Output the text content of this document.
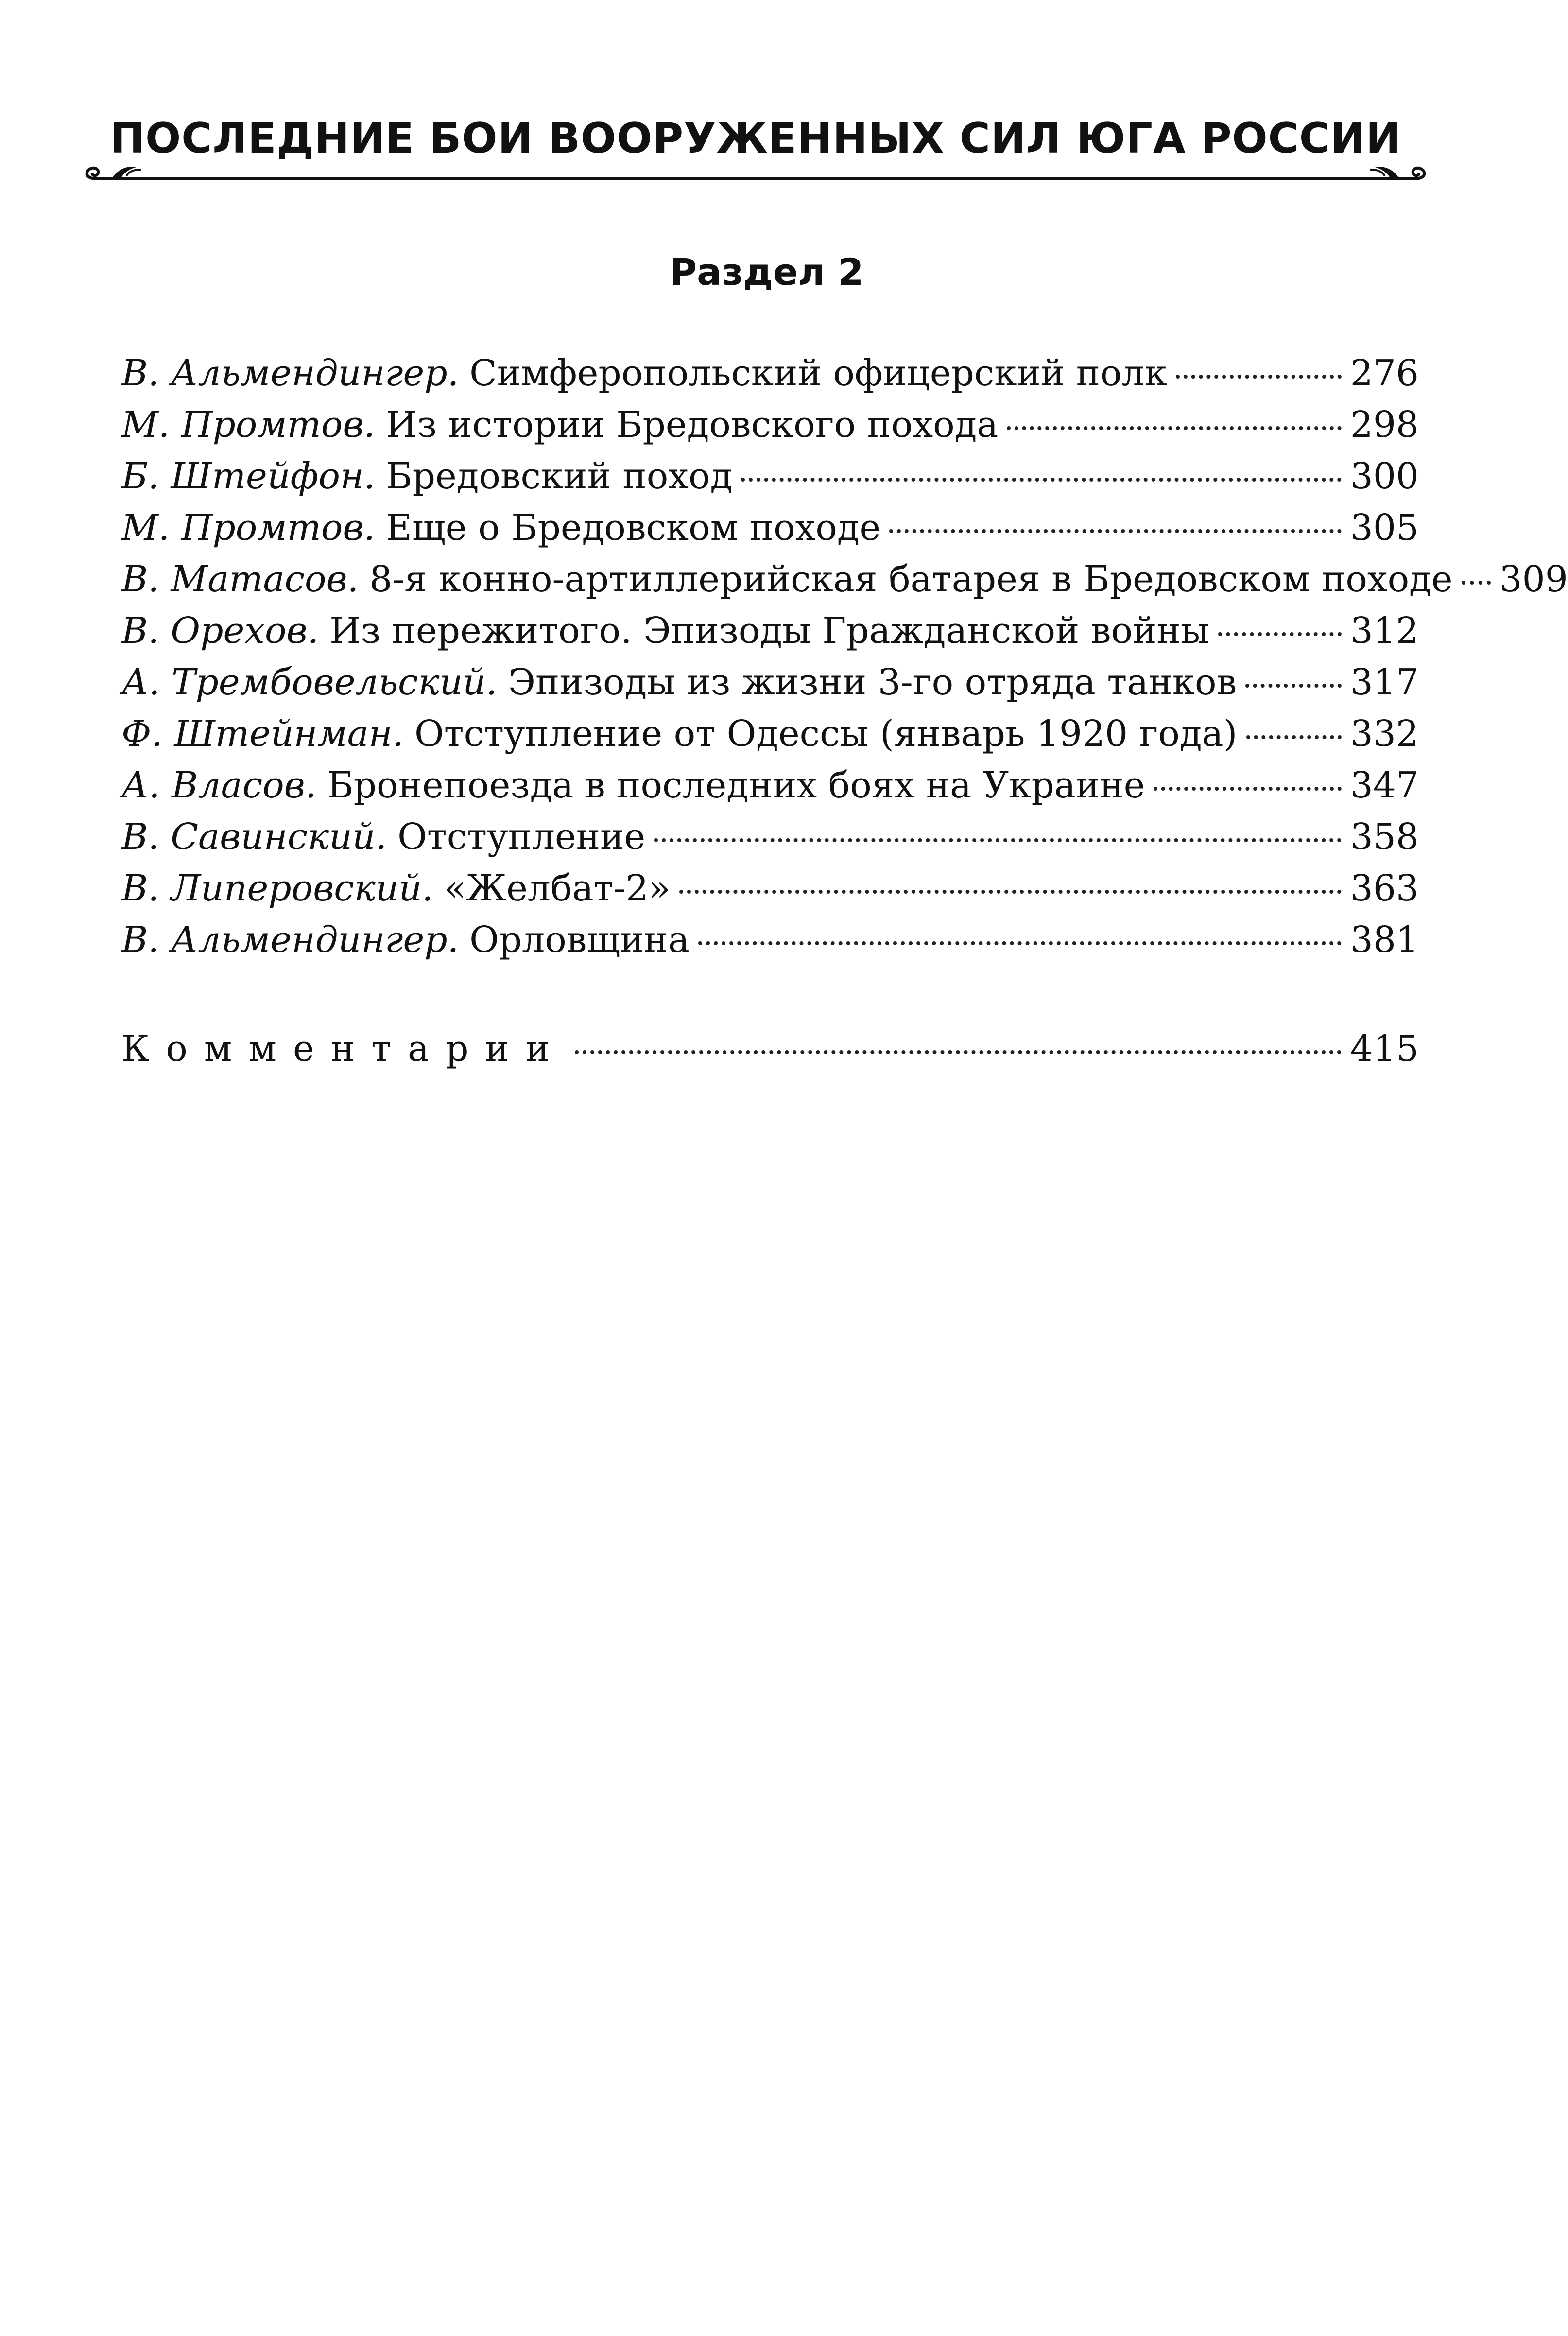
ПОСЛЕДНИЕ БОИ ВООРУЖЕННЫХ СИЛ ЮГА РОССИИ
Раздел 2
В. Альмендингер. Симферопольский офицерский полк	276
М. Промтов. Из истории Бредовского похода	298
Б. Штейфон. Бредовский поход	300
М. Промтов. Еще о Бредовском походе	305
В. Матасов. 8-я конно-артиллерийская батарея в Бредовском походе 309
В. Орехов. Из пережитого. Эпизоды Гражданской войны	312
А. Трембовельский. Эпизоды из жизни 3-го отряда танков	317
Ф. Штейнман. Отступление от Одессы (январь 1920 года)	332
А. Власов. Бронепоезда в последних боях на Украине	347
В. Савинский. Отступление	358
В. Липеровский. «Желбат-2»	363
В. Альмендингер. Орловщина	381
Комментарии	415
